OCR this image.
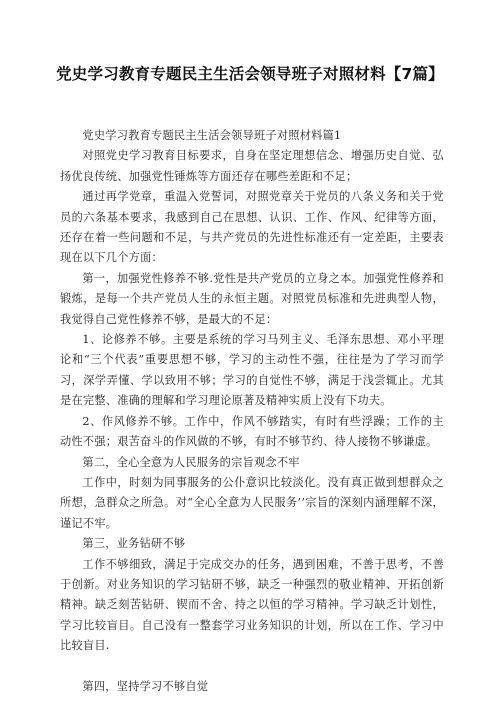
党史学习教育专题民主生活会领导班子对照材料【7篇】

党史学习教育专题民主生活会领导班子对照材料篇1

对照党史学习教育目标要求，自身在坚定理想信念、增强历史自觉、弘扬优良传统、加强党性锤炼等方面还存在哪些差距和不足；

通过再学党章，重温入党誓词，对照党章关于党员的八条义务和关于党员的六条基本要求，我感到自己在思想、认识、工作、作风、纪律等方面，还存在着一些问题和不足，与共产党员的先进性标准还有一定差距，主要表现在以下几个方面：

第一，加强党性修养不够.党性是共产党员的立身之本。加强党性修养和锻炼，是每一个共产党员人生的永恒主题。对照党员标准和先进典型人物，我觉得自己党性修养不够，是最大的不足：

1、论修养不够。主要是系统的学习马列主义、毛泽东思想、邓小平理论和“三个代表”重要思想不够，学习的主动性不强，往往是为了学习而学习，深学弄懂、学以致用不够；学习的自觉性不够，满足于浅尝辄止。尤其是在完整、准确的理解和学习理论原著及精神实质上没有下功夫。

2、作风修养不够。工作中，作风不够踏实，有时有些浮躁；工作的主动性不强；艰苦奋斗的作风做的不够，有时不够节约、待人接物不够谦虚。

第二，全心全意为人民服务的宗旨观念不牢

工作中，时刻为同事服务的公仆意识比较淡化。没有真正做到想群众之所想，急群众之所急。对“全心全意为人民服务’’宗旨的深刻内涵理解不深，谨记不牢。

第三，业务钻研不够

工作不够细致，满足于完成交办的任务，遇到困难，不善于思考，不善于创新。对业务知识的学习钻研不够，缺乏一种强烈的敬业精神、开拓创新精神。缺乏刻苦钻研、锲而不舍、持之以恒的学习精神。学习缺乏计划性，学习比较盲目。自己没有一整套学习业务知识的计划，所以在工作、学习中比较盲目.

第四，坚持学习不够自觉
